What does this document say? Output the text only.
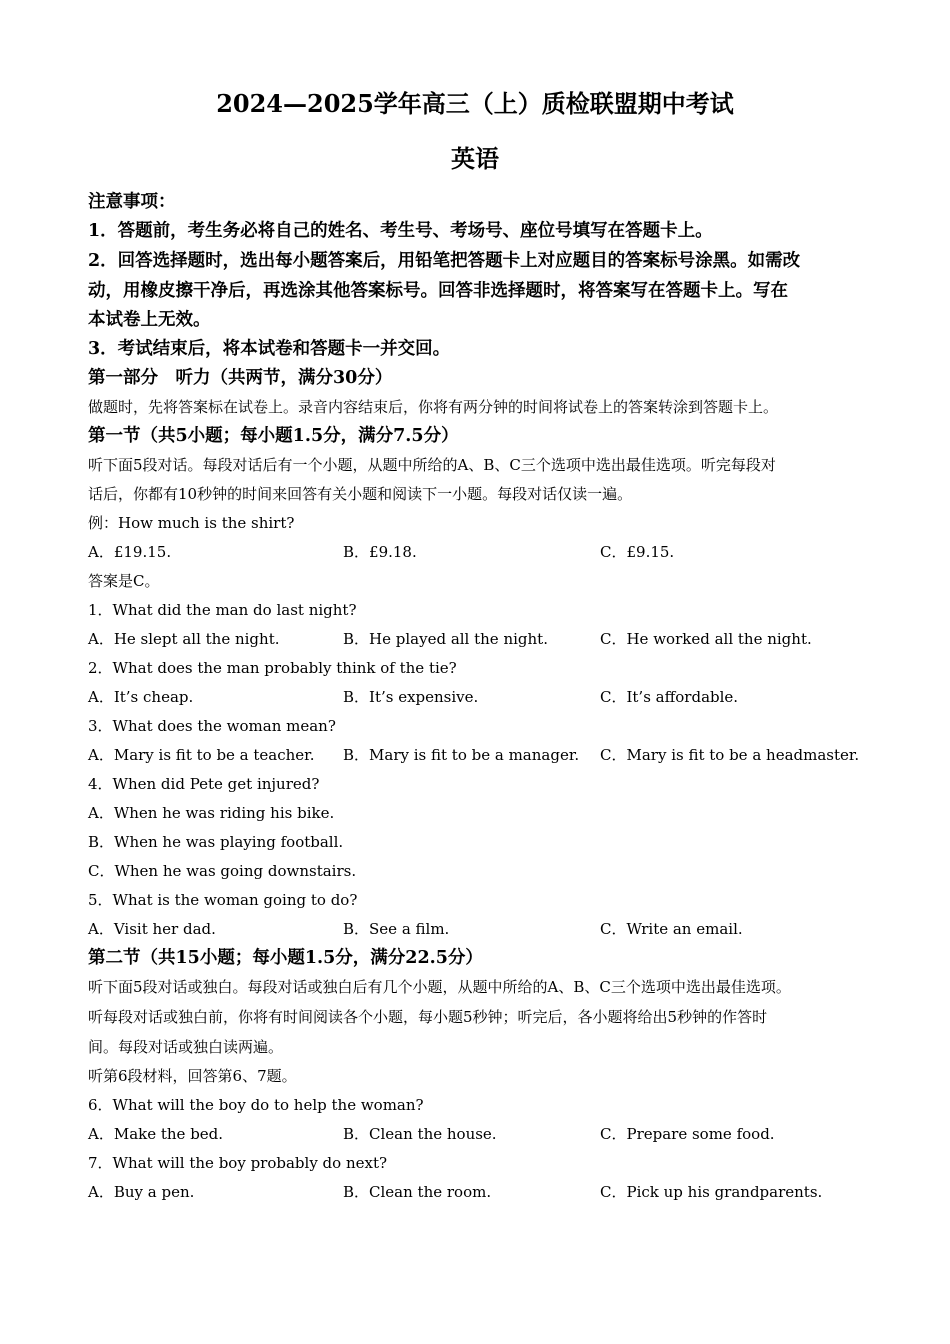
2024—2025学年高三（上）质检联盟期中考试
英语
注意事项：
1．答题前，考生务必将自己的姓名、考生号、考场号、座位号填写在答题卡上。
2．回答选择题时，选出每小题答案后，用铅笔把答题卡上对应题目的答案标号涂黑。如需改
动，用橡皮擦干净后，再选涂其他答案标号。回答非选择题时，将答案写在答题卡上。写在
本试卷上无效。
3．考试结束后，将本试卷和答题卡一并交回。
第一部分　听力（共两节，满分30分）
做题时，先将答案标在试卷上。录音内容结束后，你将有两分钟的时间将试卷上的答案转涂到答题卡上。
第一节（共5小题；每小题1.5分，满分7.5分）
听下面5段对话。每段对话后有一个小题，从题中所给的A、B、C三个选项中选出最佳选项。听完每段对
话后，你都有10秒钟的时间来回答有关小题和阅读下一小题。每段对话仅读一遍。
例：How much is the shirt?
A．£19.15.	B．£9.18.	C．£9.15.
答案是C。
1．What did the man do last night?
A．He slept all the night.	B．He played all the night.	C．He worked all the night.
2．What does the man probably think of the tie?
A．It’s cheap.	B．It’s expensive.	C．It’s affordable.
3．What does the woman mean?
A．Mary is fit to be a teacher. B．Mary is fit to be a manager. C．Mary is fit to be a headmaster.
4．When did Pete get injured?
A．When he was riding his bike.
B．When he was playing football.
C．When he was going downstairs.
5．What is the woman going to do?
A．Visit her dad.	B．See a film.	C．Write an email.
第二节（共15小题；每小题1.5分，满分22.5分）
听下面5段对话或独白。每段对话或独白后有几个小题，从题中所给的A、B、C三个选项中选出最佳选项。
听每段对话或独白前，你将有时间阅读各个小题，每小题5秒钟；听完后，各小题将给出5秒钟的作答时
间。每段对话或独白读两遍。
听第6段材料，回答第6、7题。
6．What will the boy do to help the woman?
A．Make the bed.	B．Clean the house.	C．Prepare some food.
7．What will the boy probably do next?
A．Buy a pen.	B．Clean the room.	C．Pick up his grandparents.
